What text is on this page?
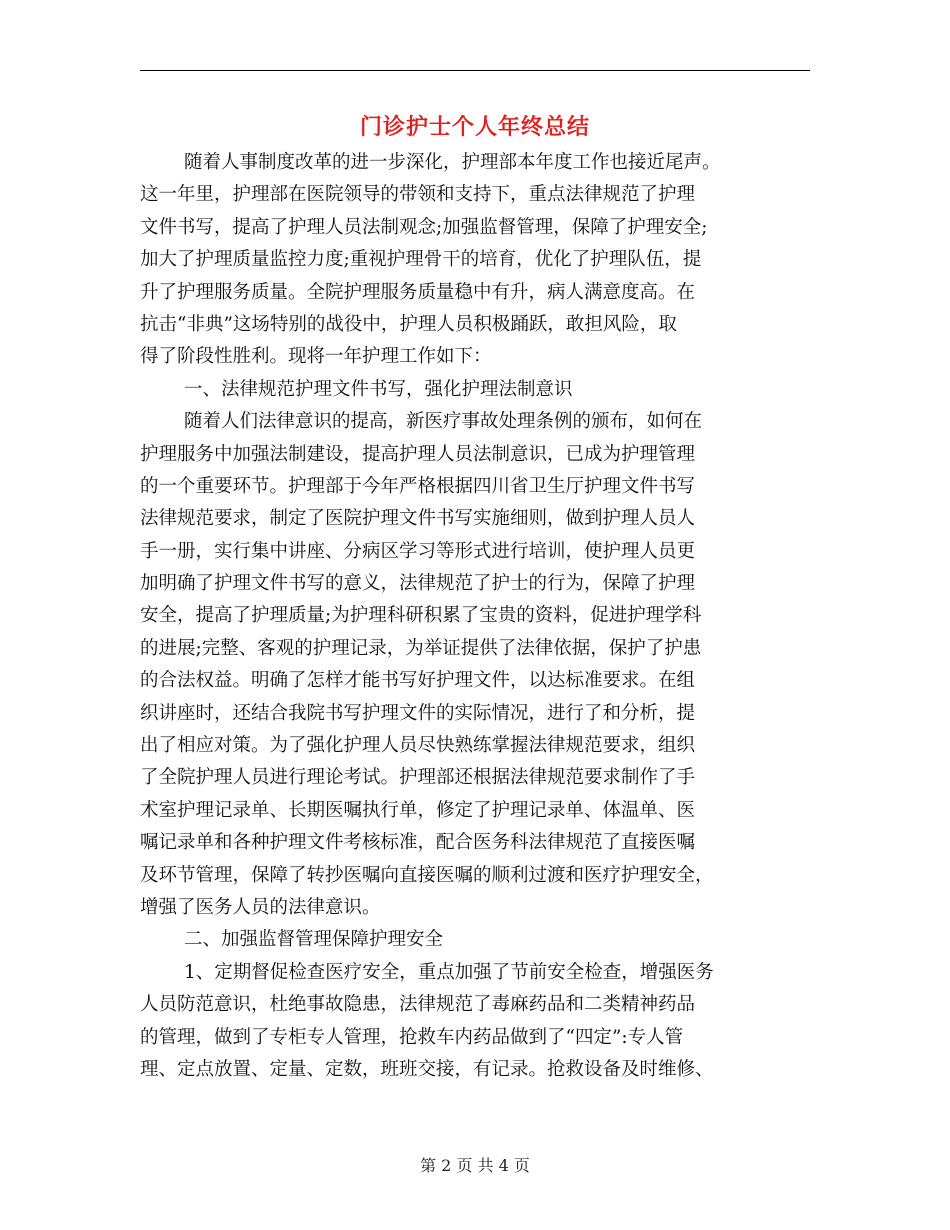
门诊护士个人年终总结
随着人事制度改革的进一步深化，护理部本年度工作也接近尾声。
这一年里，护理部在医院领导的带领和支持下，重点法律规范了护理
文件书写，提高了护理人员法制观念;加强监督管理，保障了护理安全;
加大了护理质量监控力度;重视护理骨干的培育，优化了护理队伍，提
升了护理服务质量。全院护理服务质量稳中有升，病人满意度高。在
抗击“非典”这场特别的战役中，护理人员积极踊跃，敢担风险，取
得了阶段性胜利。现将一年护理工作如下：
一、法律规范护理文件书写，强化护理法制意识
随着人们法律意识的提高，新医疗事故处理条例的颁布，如何在
护理服务中加强法制建设，提高护理人员法制意识，已成为护理管理
的一个重要环节。护理部于今年严格根据四川省卫生厅护理文件书写
法律规范要求，制定了医院护理文件书写实施细则，做到护理人员人
手一册，实行集中讲座、分病区学习等形式进行培训，使护理人员更
加明确了护理文件书写的意义，法律规范了护士的行为，保障了护理
安全，提高了护理质量;为护理科研积累了宝贵的资料，促进护理学科
的进展;完整、客观的护理记录，为举证提供了法律依据，保护了护患
的合法权益。明确了怎样才能书写好护理文件，以达标准要求。在组
织讲座时，还结合我院书写护理文件的实际情况，进行了和分析，提
出了相应对策。为了强化护理人员尽快熟练掌握法律规范要求，组织
了全院护理人员进行理论考试。护理部还根据法律规范要求制作了手
术室护理记录单、长期医嘱执行单，修定了护理记录单、体温单、医
嘱记录单和各种护理文件考核标准，配合医务科法律规范了直接医嘱
及环节管理，保障了转抄医嘱向直接医嘱的顺利过渡和医疗护理安全，
增强了医务人员的法律意识。
二、加强监督管理保障护理安全
1、定期督促检查医疗安全，重点加强了节前安全检查，增强医务
人员防范意识，杜绝事故隐患，法律规范了毒麻药品和二类精神药品
的管理，做到了专柜专人管理，抢救车内药品做到了“四定”:专人管
理、定点放置、定量、定数，班班交接，有记录。抢救设备及时维修、
第 2 页 共 4 页
